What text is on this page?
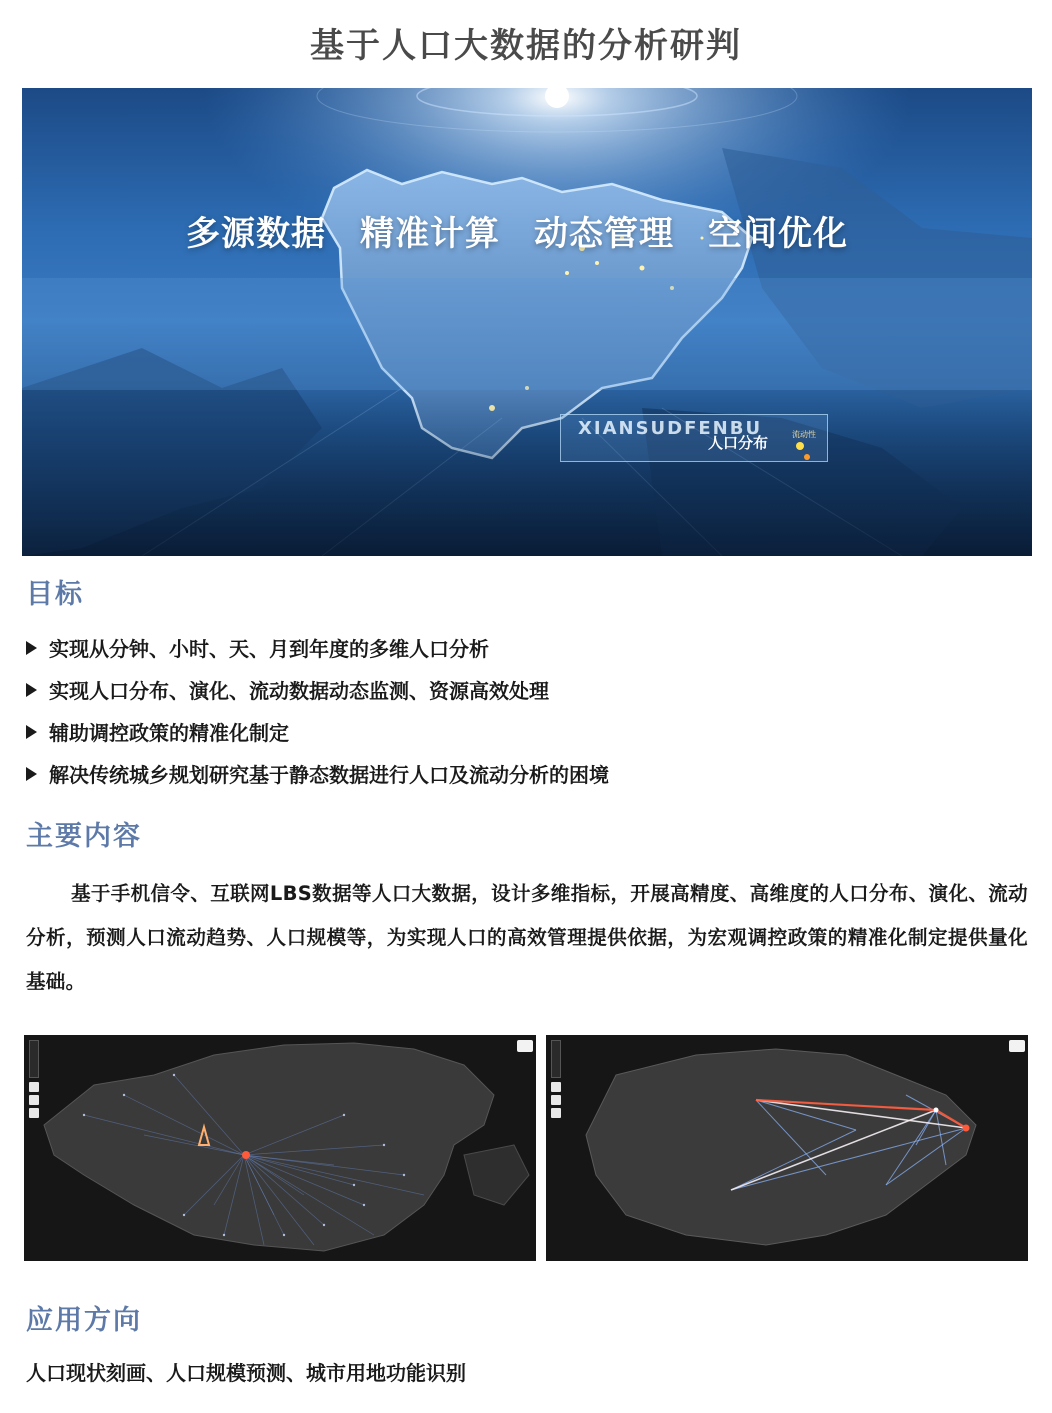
基于人口大数据的分析研判
多源数据 精准计算 动态管理 空间优化
XIANSUDFENBU
人口分布	流动性
目标
实现从分钟、小时、天、月到年度的多维人口分析
实现人口分布、演化、流动数据动态监测、资源高效处理
辅助调控政策的精准化制定
解决传统城乡规划研究基于静态数据进行人口及流动分析的困境
主要内容

基于手机信令、互联网LBS数据等人口大数据，设计多维指标，开展高精度、高维度的人口分布、演化、流动分析，预测人口流动趋势、人口规模等，为实现人口的高效管理提供依据，为宏观调控政策的精准化制定提供量化基础。

应用方向
人口现状刻画、人口规模预测、城市用地功能识别
